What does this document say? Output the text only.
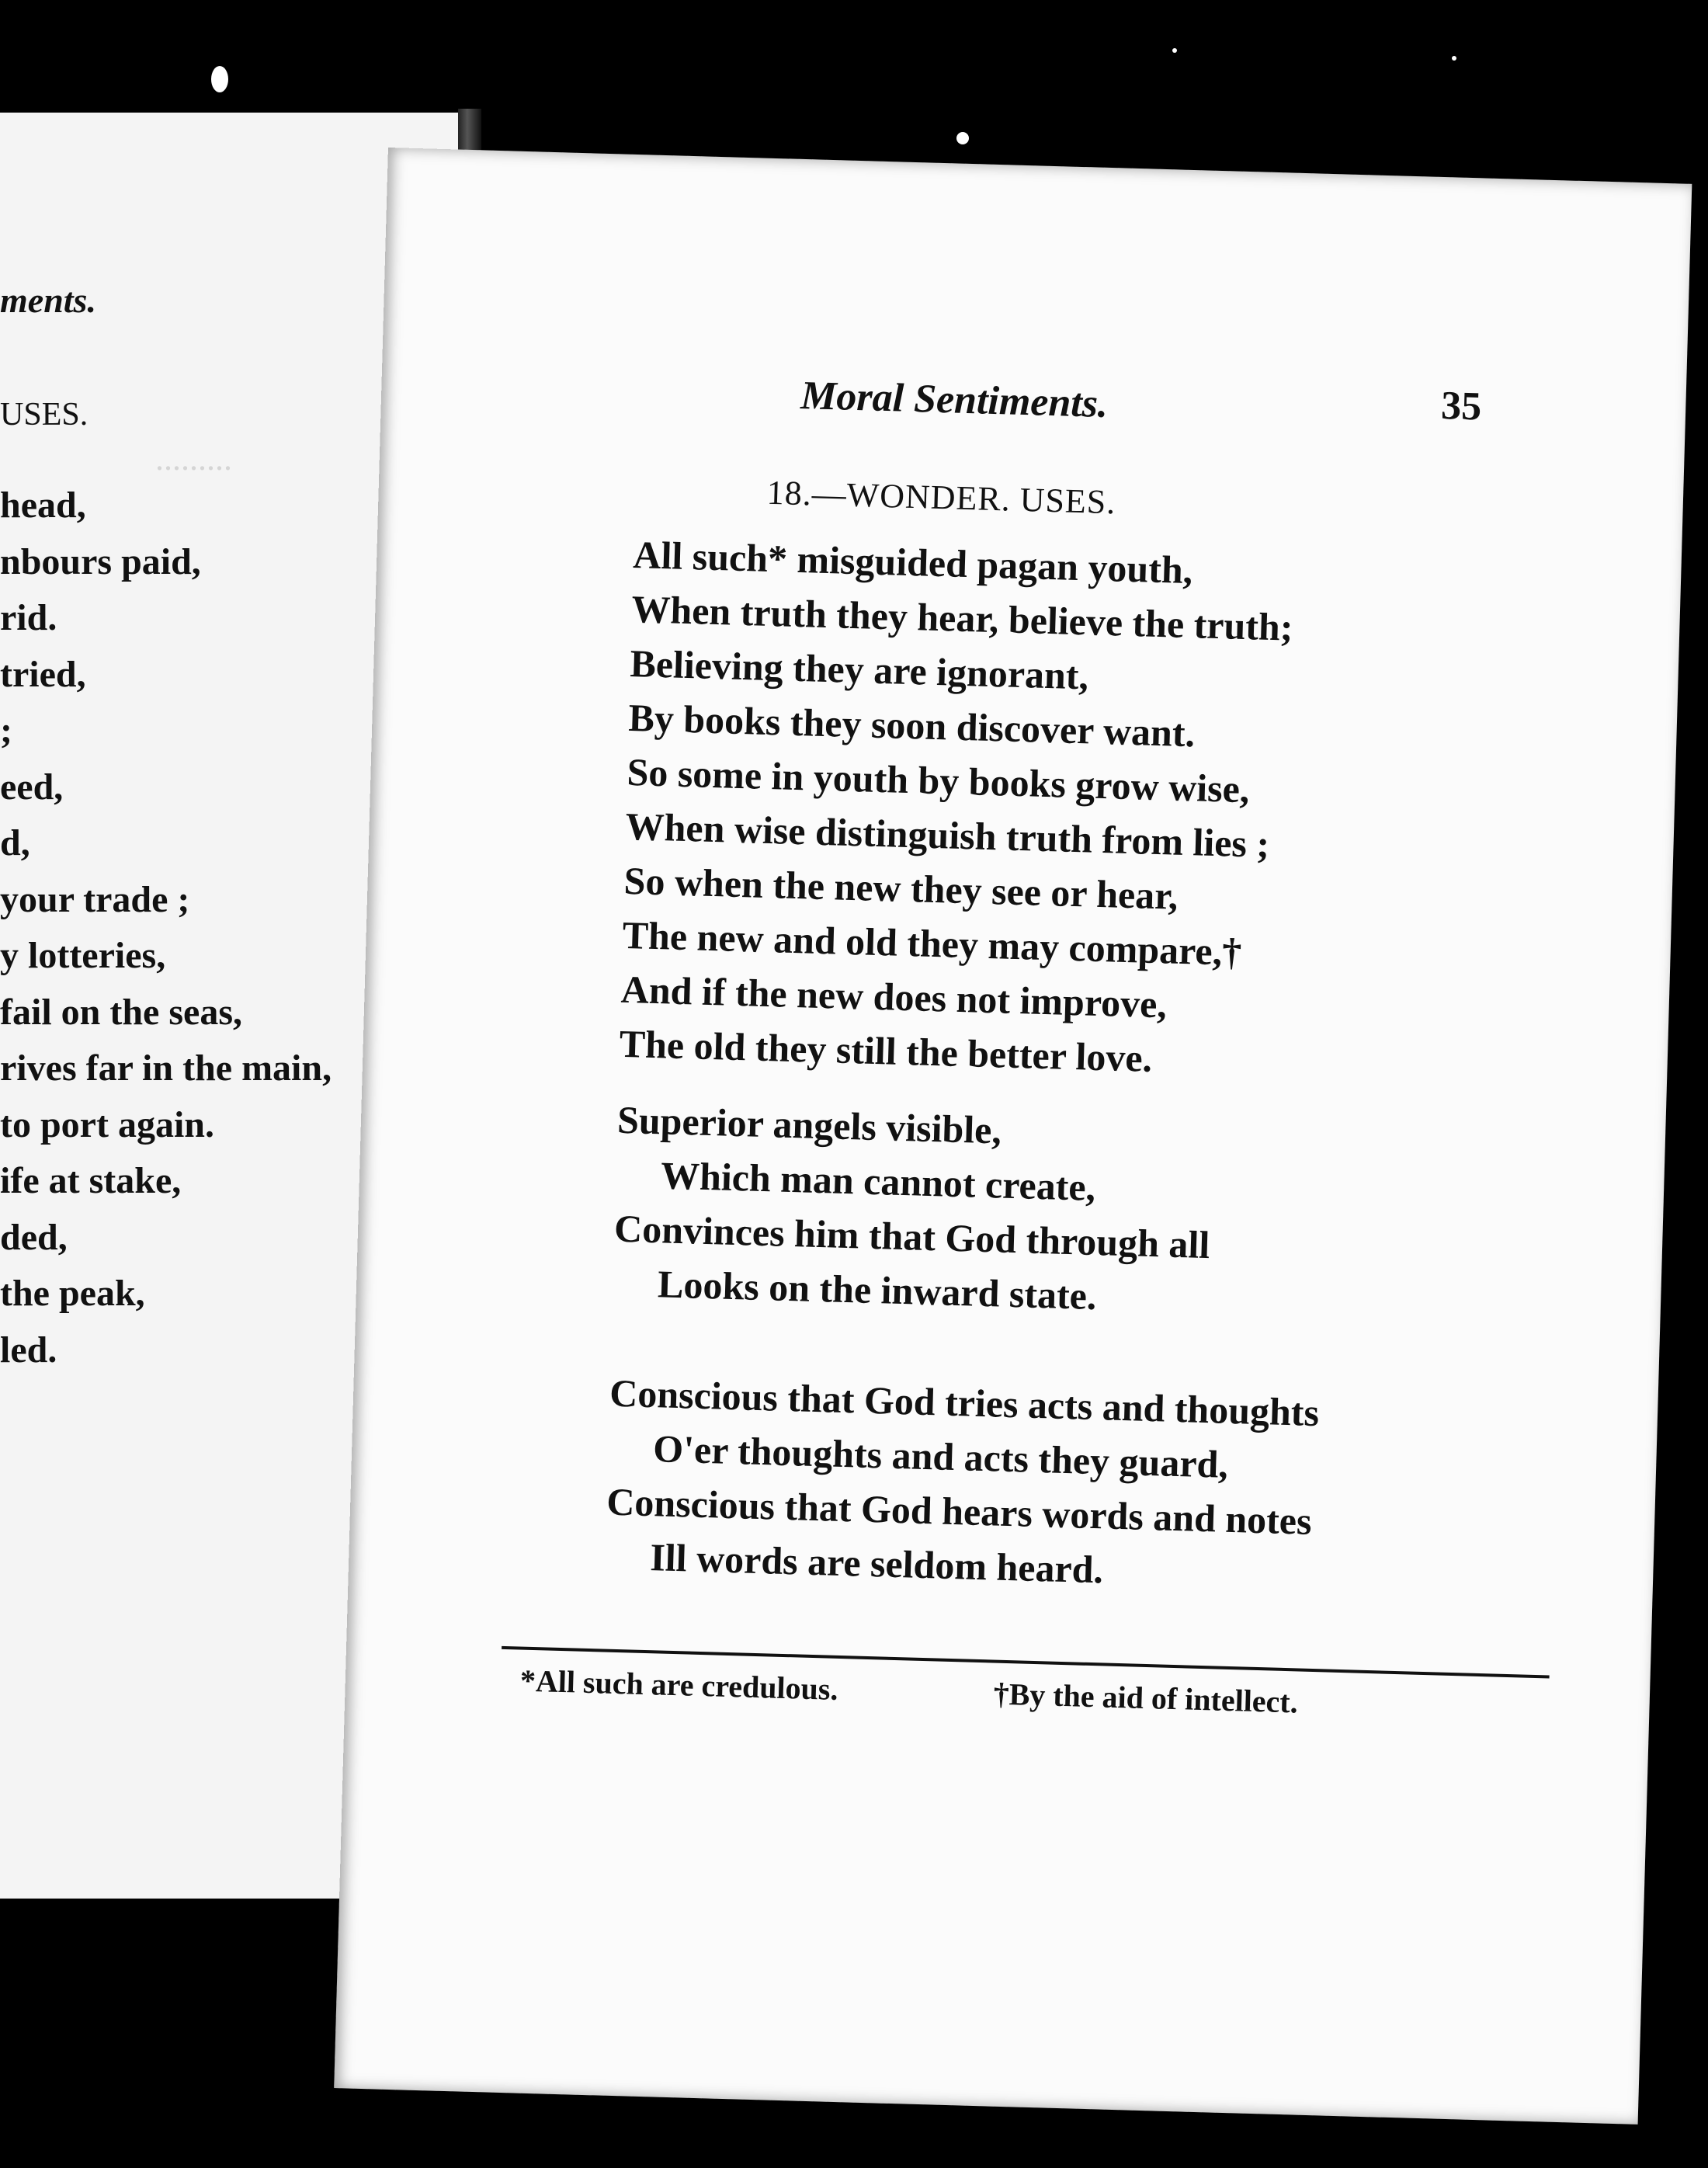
.........
ments.
USES.
head,
nbours paid,
rid.
tried,
;
eed,
d,
your trade ;
y lotteries,
fail on the seas,
rives far in the main,
to port again.
ife at stake,
ded,
the peak,
led.
Moral Sentiments.	35
18.—WONDER. USES.
All such* misguided pagan youth,
When truth they hear, believe the truth;
Believing they are ignorant,
By books they soon discover want.
So some in youth by books grow wise,
When wise distinguish truth from lies ;
So when the new they see or hear,
The new and old they may compare,†
And if the new does not improve,
The old they still the better love.
Superior angels visible,
Which man cannot create,
Convinces him that God through all
Looks on the inward state.
Conscious that God tries acts and thoughts
O'er thoughts and acts they guard,
Conscious that God hears words and notes
Ill words are seldom heard.
*All such are credulous.	†By the aid of intellect.
